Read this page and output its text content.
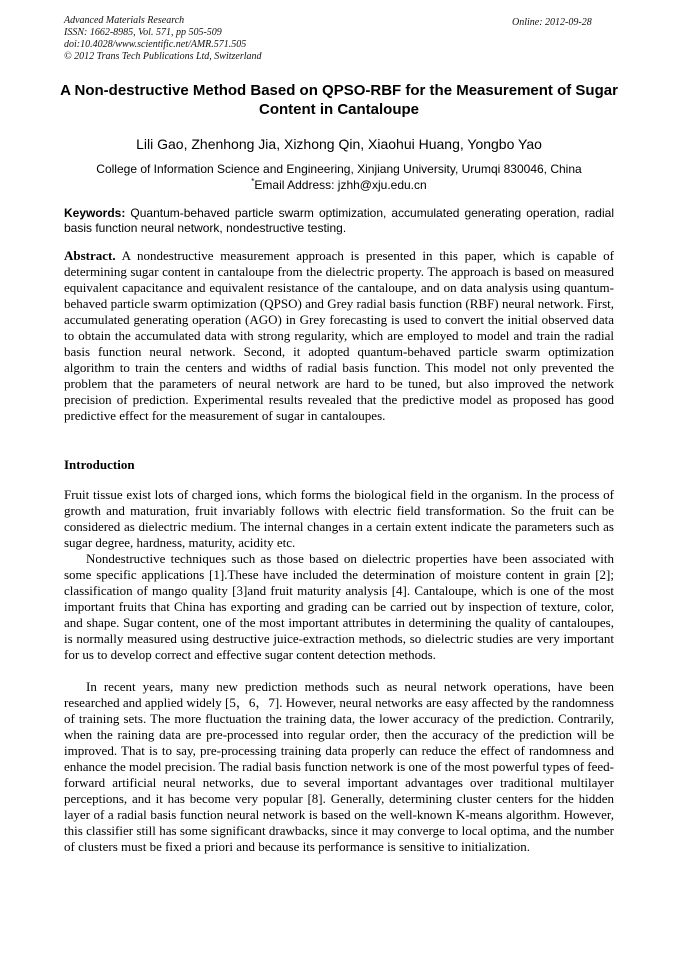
Advanced Materials Research
ISSN: 1662-8985, Vol. 571, pp 505-509
doi:10.4028/www.scientific.net/AMR.571.505
© 2012 Trans Tech Publications Ltd, Switzerland
Online: 2012-09-28
A Non-destructive Method Based on QPSO-RBF for the Measurement of Sugar Content in Cantaloupe

Lili Gao, Zhenhong Jia, Xizhong Qin, Xiaohui Huang, Yongbo Yao

College of Information Science and Engineering, Xinjiang University, Urumqi 830046, China

*Email Address: jzhh@xju.edu.cn

Keywords: Quantum-behaved particle swarm optimization, accumulated generating operation, radial basis function neural network, nondestructive testing.

Abstract. A nondestructive measurement approach is presented in this paper, which is capable of determining sugar content in cantaloupe from the dielectric property. The approach is based on measured equivalent capacitance and equivalent resistance of the cantaloupe, and on data analysis using quantum-behaved particle swarm optimization (QPSO) and Grey radial basis function (RBF) neural network. First, accumulated generating operation (AGO) in Grey forecasting is used to convert the initial observed data to obtain the accumulated data with strong regularity, which are employed to model and train the radial basis function neural network. Second, it adopted quantum-behaved particle swarm optimization algorithm to train the centers and widths of radial basis function. This model not only prevented the problem that the parameters of neural network are hard to be tuned, but also improved the network precision of prediction. Experimental results revealed that the predictive model as proposed has good predictive effect for the measurement of sugar in cantaloupes.

Introduction

Fruit tissue exist lots of charged ions, which forms the biological field in the organism. In the process of growth and maturation, fruit invariably follows with electric field transformation. So the fruit can be considered as dielectric medium. The internal changes in a certain extent indicate the parameters such as sugar degree, hardness, maturity, acidity etc.

Nondestructive techniques such as those based on dielectric properties have been associated with some specific applications [1].These have included the determination of moisture content in grain [2]; classification of mango quality [3]and fruit maturity analysis [4]. Cantaloupe, which is one of the most important fruits that China has exporting and grading can be carried out by inspection of texture, color, and shape. Sugar content, one of the most important attributes in determining the quality of cantaloupes, is normally measured using destructive juice-extraction methods, so dielectric studies are very important for us to develop correct and effective sugar content detection methods.

In recent years, many new prediction methods such as neural network operations, have been researched and applied widely [5，6，7]. However, neural networks are easy affected by the randomness of training sets. The more fluctuation the training data, the lower accuracy of the prediction. Contrarily, when the raining data are pre-processed into regular order, then the accuracy of the prediction will be improved. That is to say, pre-processing training data properly can reduce the effect of randomness and enhance the model precision. The radial basis function network is one of the most powerful types of feed-forward artificial neural networks, due to several important advantages over traditional multilayer perceptions, and it has become very popular [8]. Generally, determining cluster centers for the hidden layer of a radial basis function neural network is based on the well-known K-means algorithm. However, this classifier still has some significant drawbacks, since it may converge to local optima, and the number of clusters must be fixed a priori and because its performance is sensitive to initialization.
